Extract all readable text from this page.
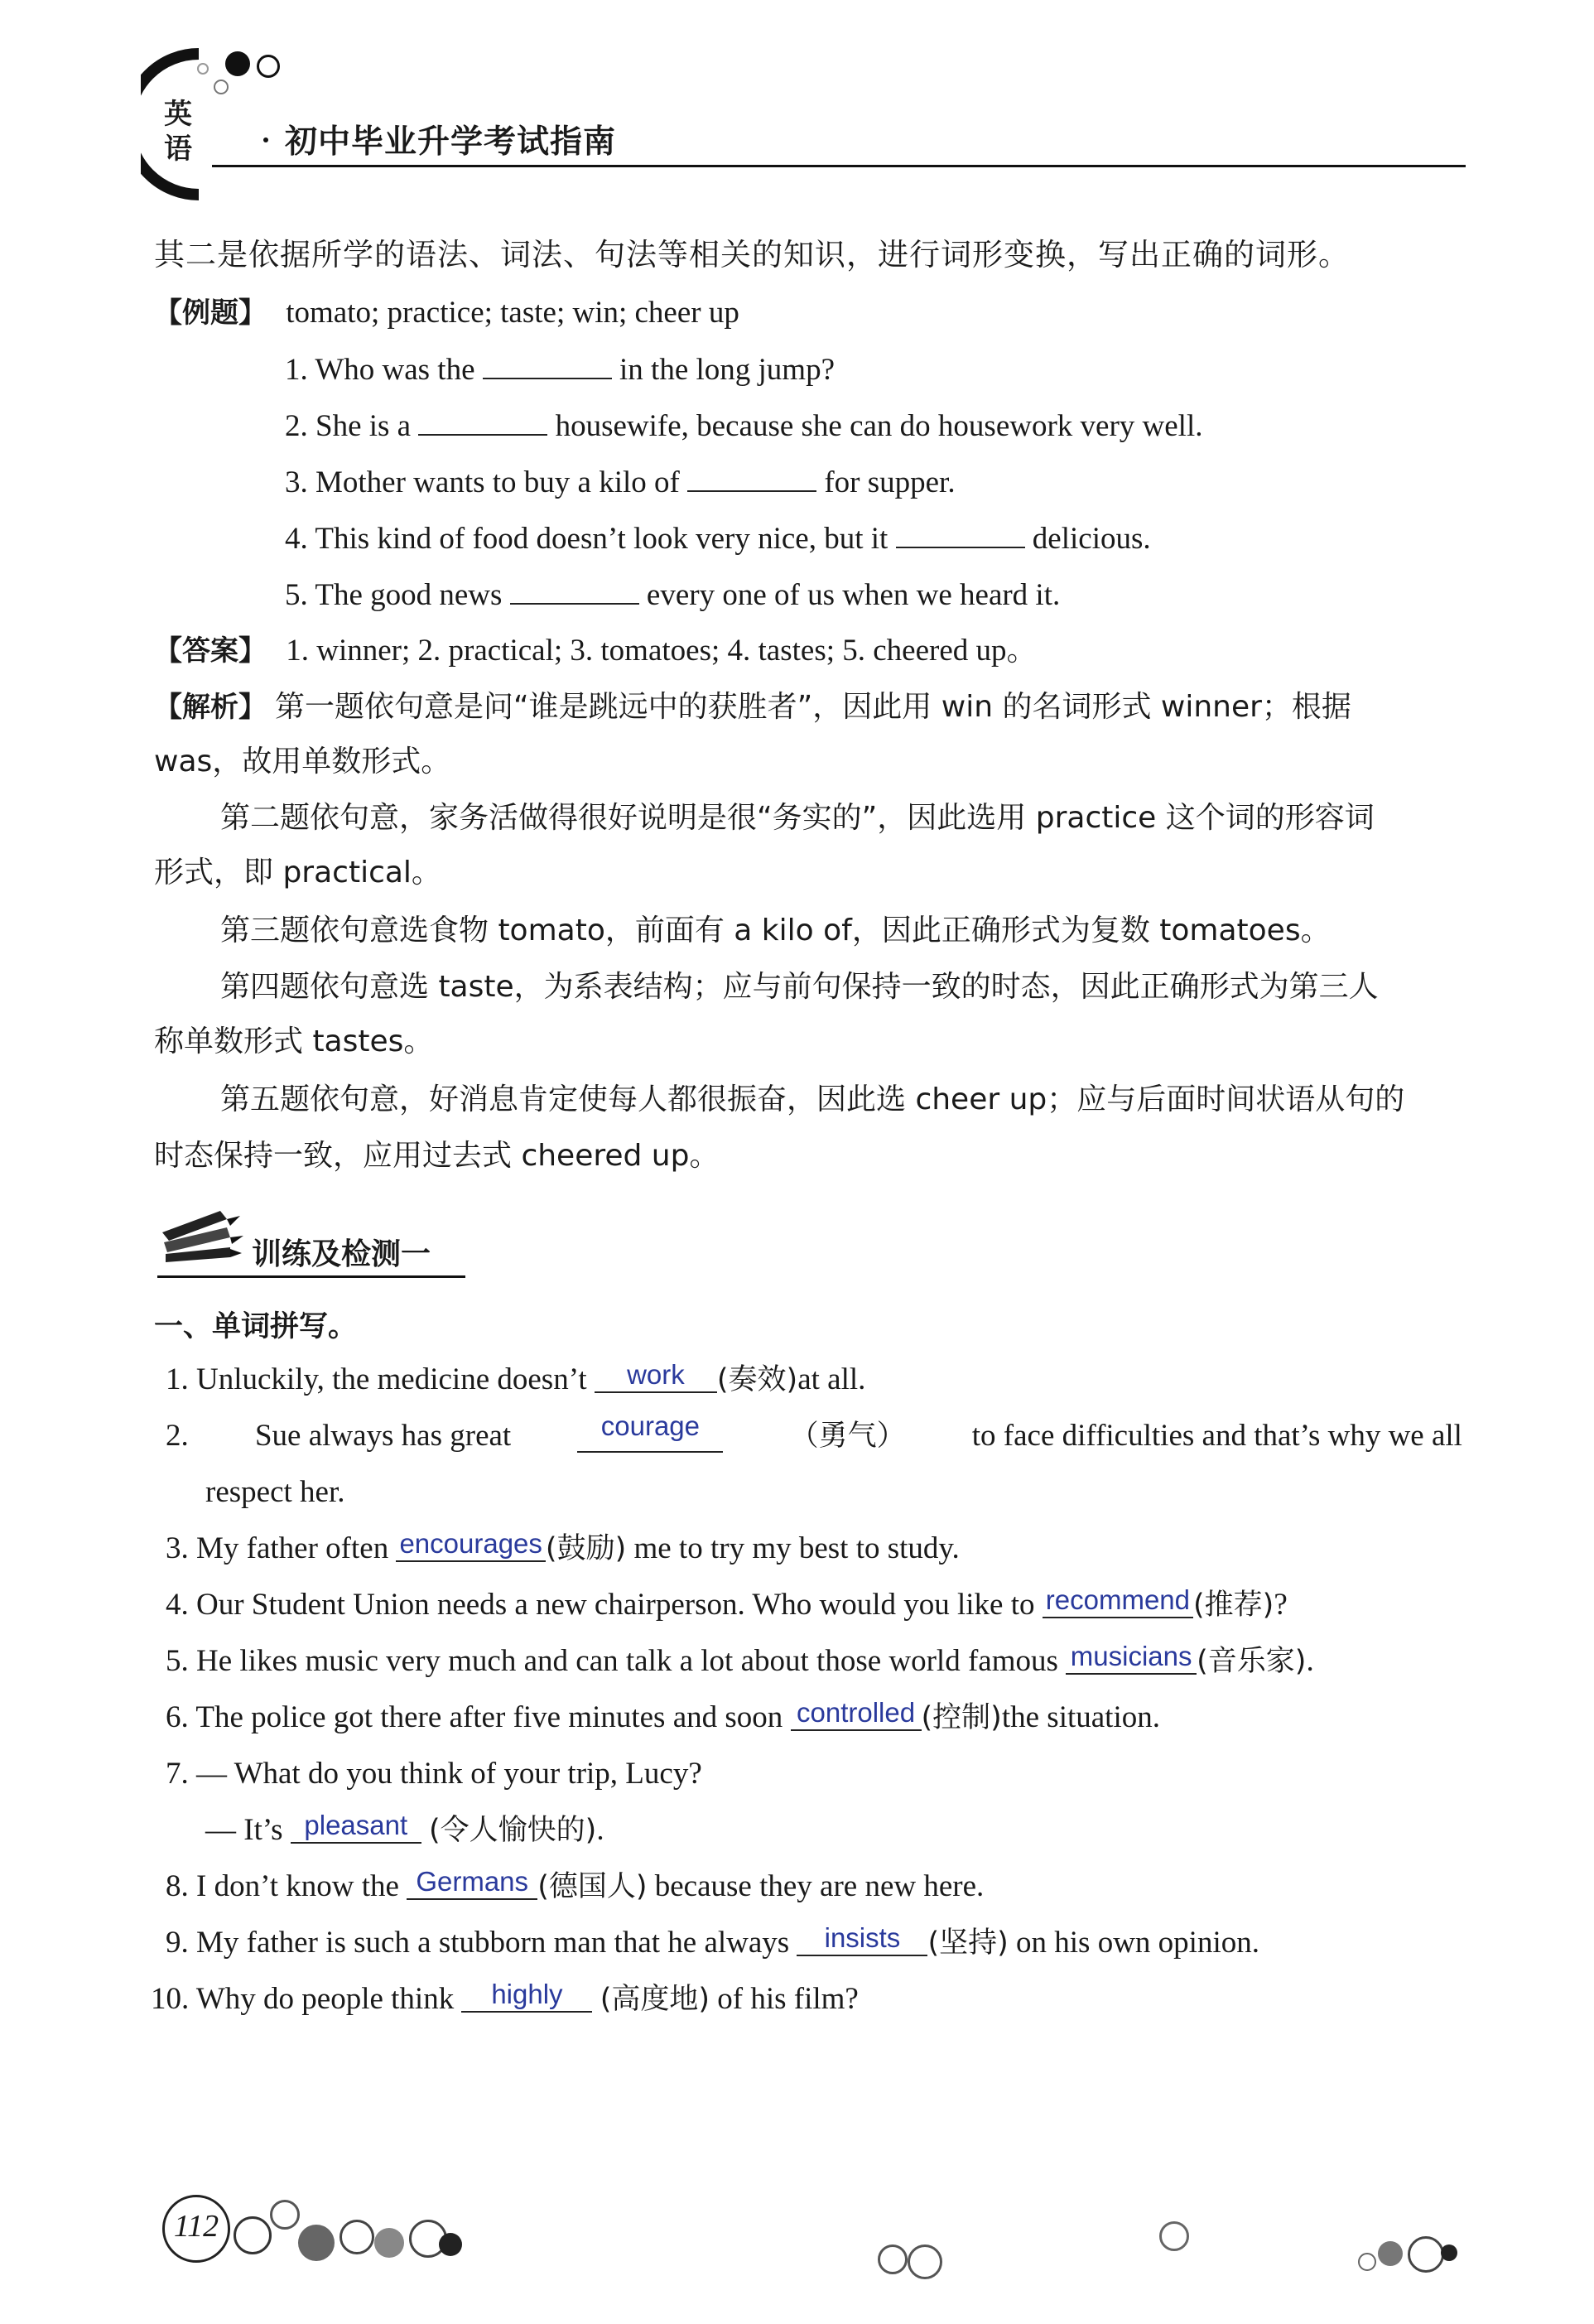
英
语	初中毕业升学考试指南
其二是依据所学的语法、词法、句法等相关的知识，进行词形变换，写出正确的词形。
【例题】 tomato; practice; taste; win; cheer up
1. Who was the	in the long jump?
2. She is a	housewife, because she can do housework very well.
3. Mother wants to buy a kilo of	for supper.
4. This kind of food doesn’t look very nice, but it	delicious.
5. The good news	every one of us when we heard it.
【答案】 1. winner; 2. practical; 3. tomatoes; 4. tastes; 5. cheered up。
【解析】 第一题依句意是问“谁是跳远中的获胜者”，因此用 win 的名词形式 winner；根据
was，故用单数形式。
第二题依句意，家务活做得很好说明是很“务实的”，因此选用 practice 这个词的形容词
形式，即 practical。
第三题依句意选食物 tomato，前面有 a kilo of，因此正确形式为复数 tomatoes。
第四题依句意选 taste，为系表结构；应与前句保持一致的时态，因此正确形式为第三人
称单数形式 tastes。
第五题依句意，好消息肯定使每人都很振奋，因此选 cheer up；应与后面时间状语从句的
时态保持一致，应用过去式 cheered up。
训练及检测一
一、单词拼写。
1. Unluckily, the medicine doesn’t work (奏效)at all.
2. Sue always has great	courage	（勇气） to face difficulties and that’s why we all
respect her.
3. My father often encourages (鼓励) me to try my best to study.
4. Our Student Union needs a new chairperson. Who would you like to recommend (推荐)?
5. He likes music very much and can talk a lot about those world famous musicians (音乐家).
6. The police got there after five minutes and soon controlled (控制)the situation.
7. — What do you think of your trip, Lucy?
— It’s pleasant (令人愉快的).
8. I don’t know the Germans (德国人) because they are new here.
9. My father is such a stubborn man that he always insists (坚持) on his own opinion.
10. Why do people think highly (高度地) of his film?
112
